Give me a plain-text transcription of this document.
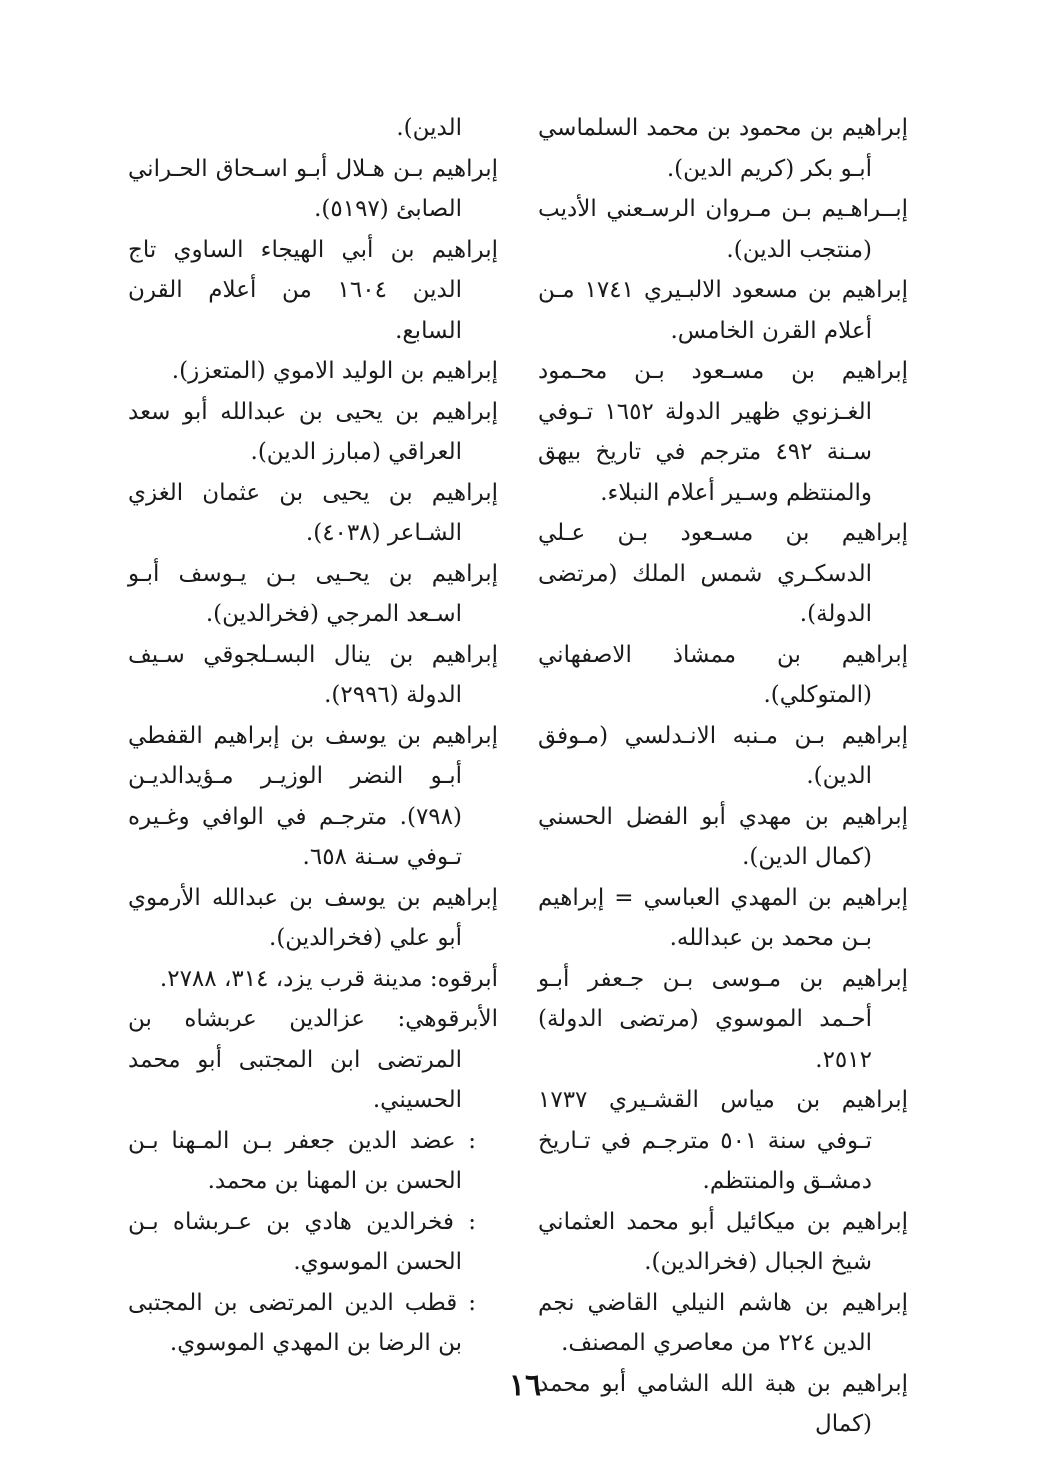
إبراهيم بن محمود بن محمد السلماسي أبـو بكر (كريم الدين).
إبــراهـيم بـن مـروان الرسـعني الأديب (منتجب الدين).
إبراهيم بن مسعود الالبـيري ١٧٤١ مـن أعلام القرن الخامس.
إبراهيم بن مسـعود بـن محـمود الغـزنوي ظهير الدولة ١٦٥٢ تـوفي سـنة ٤٩٢ مترجم في تاريخ بيهق والمنتظم وسـير أعلام النبلاء.
إبراهيم بن مسـعود بـن عـلي الدسكـري شمس الملك (مرتضى الدولة).
إبراهيم بن ممشاذ الاصفهاني (المتوكلي).
إبراهيم بـن مـنبه الانـدلسي (مـوفق الدين).
إبراهيم بن مهدي أبو الفضل الحسني (كمال الدين).
إبراهيم بن المهدي العباسي = إبراهيم بـن محمد بن عبدالله.
إبراهيم بن مـوسى بـن جـعفر أبـو أحـمد الموسوي (مرتضى الدولة) ٢٥١٢.
إبراهيم بن مياس القشـيري ١٧٣٧ تـوفي سنة ٥٠١ مترجـم في تـاريخ دمشـق والمنتظم.
إبراهيم بن ميكائيل أبو محمد العثماني شيخ الجبال (فخرالدين).
إبراهيم بن هاشم النيلي القاضي نجم الدين ٢٢٤ من معاصري المصنف.
إبراهيم بن هبة الله الشامي أبو محمد (كمال
الدين).
إبراهيم بـن هـلال أبـو اسـحاق الحـراني الصابئ (٥١٩٧).
إبراهيم بن أبي الهيجاء الساوي تاج الدين ١٦٠٤ من أعلام القرن السابع.
إبراهيم بن الوليد الاموي (المتعزز).
إبراهيم بن يحيى بن عبدالله أبو سعد العراقي (مبارز الدين).
إبراهيم بن يحيى بن عثمان الغزي الشـاعر (٤٠٣٨).
إبراهيم بن يحـيى بـن يـوسف أبـو اسـعد المرجي (فخرالدين).
إبراهيم بن ينال البسـلجوقي سـيف الدولة (٢٩٩٦).
إبراهيم بن يوسف بن إبراهيم القفطي أبـو النضر الوزيـر مـؤيدالديـن (٧٩٨). مترجـم في الوافي وغـيره تـوفي سـنة ٦٥٨.
إبراهيم بن يوسف بن عبدالله الأرموي أبو علي (فخرالدين).
أبرقوه: مدينة قرب يزد، ٣١٤، ٢٧٨٨.
الأبرقوهي: عزالدين عربشاه بن المرتضى ابن المجتبى أبو محمد الحسيني.
: عضد الدين جعفر بـن المـهنا بـن الحسن بن المهنا بن محمد.
: فخرالدين هادي بن عـربشاه بـن الحسن الموسوي.
: قطب الدين المرتضى بن المجتبى بن الرضا بن المهدي الموسوي.
١٦
